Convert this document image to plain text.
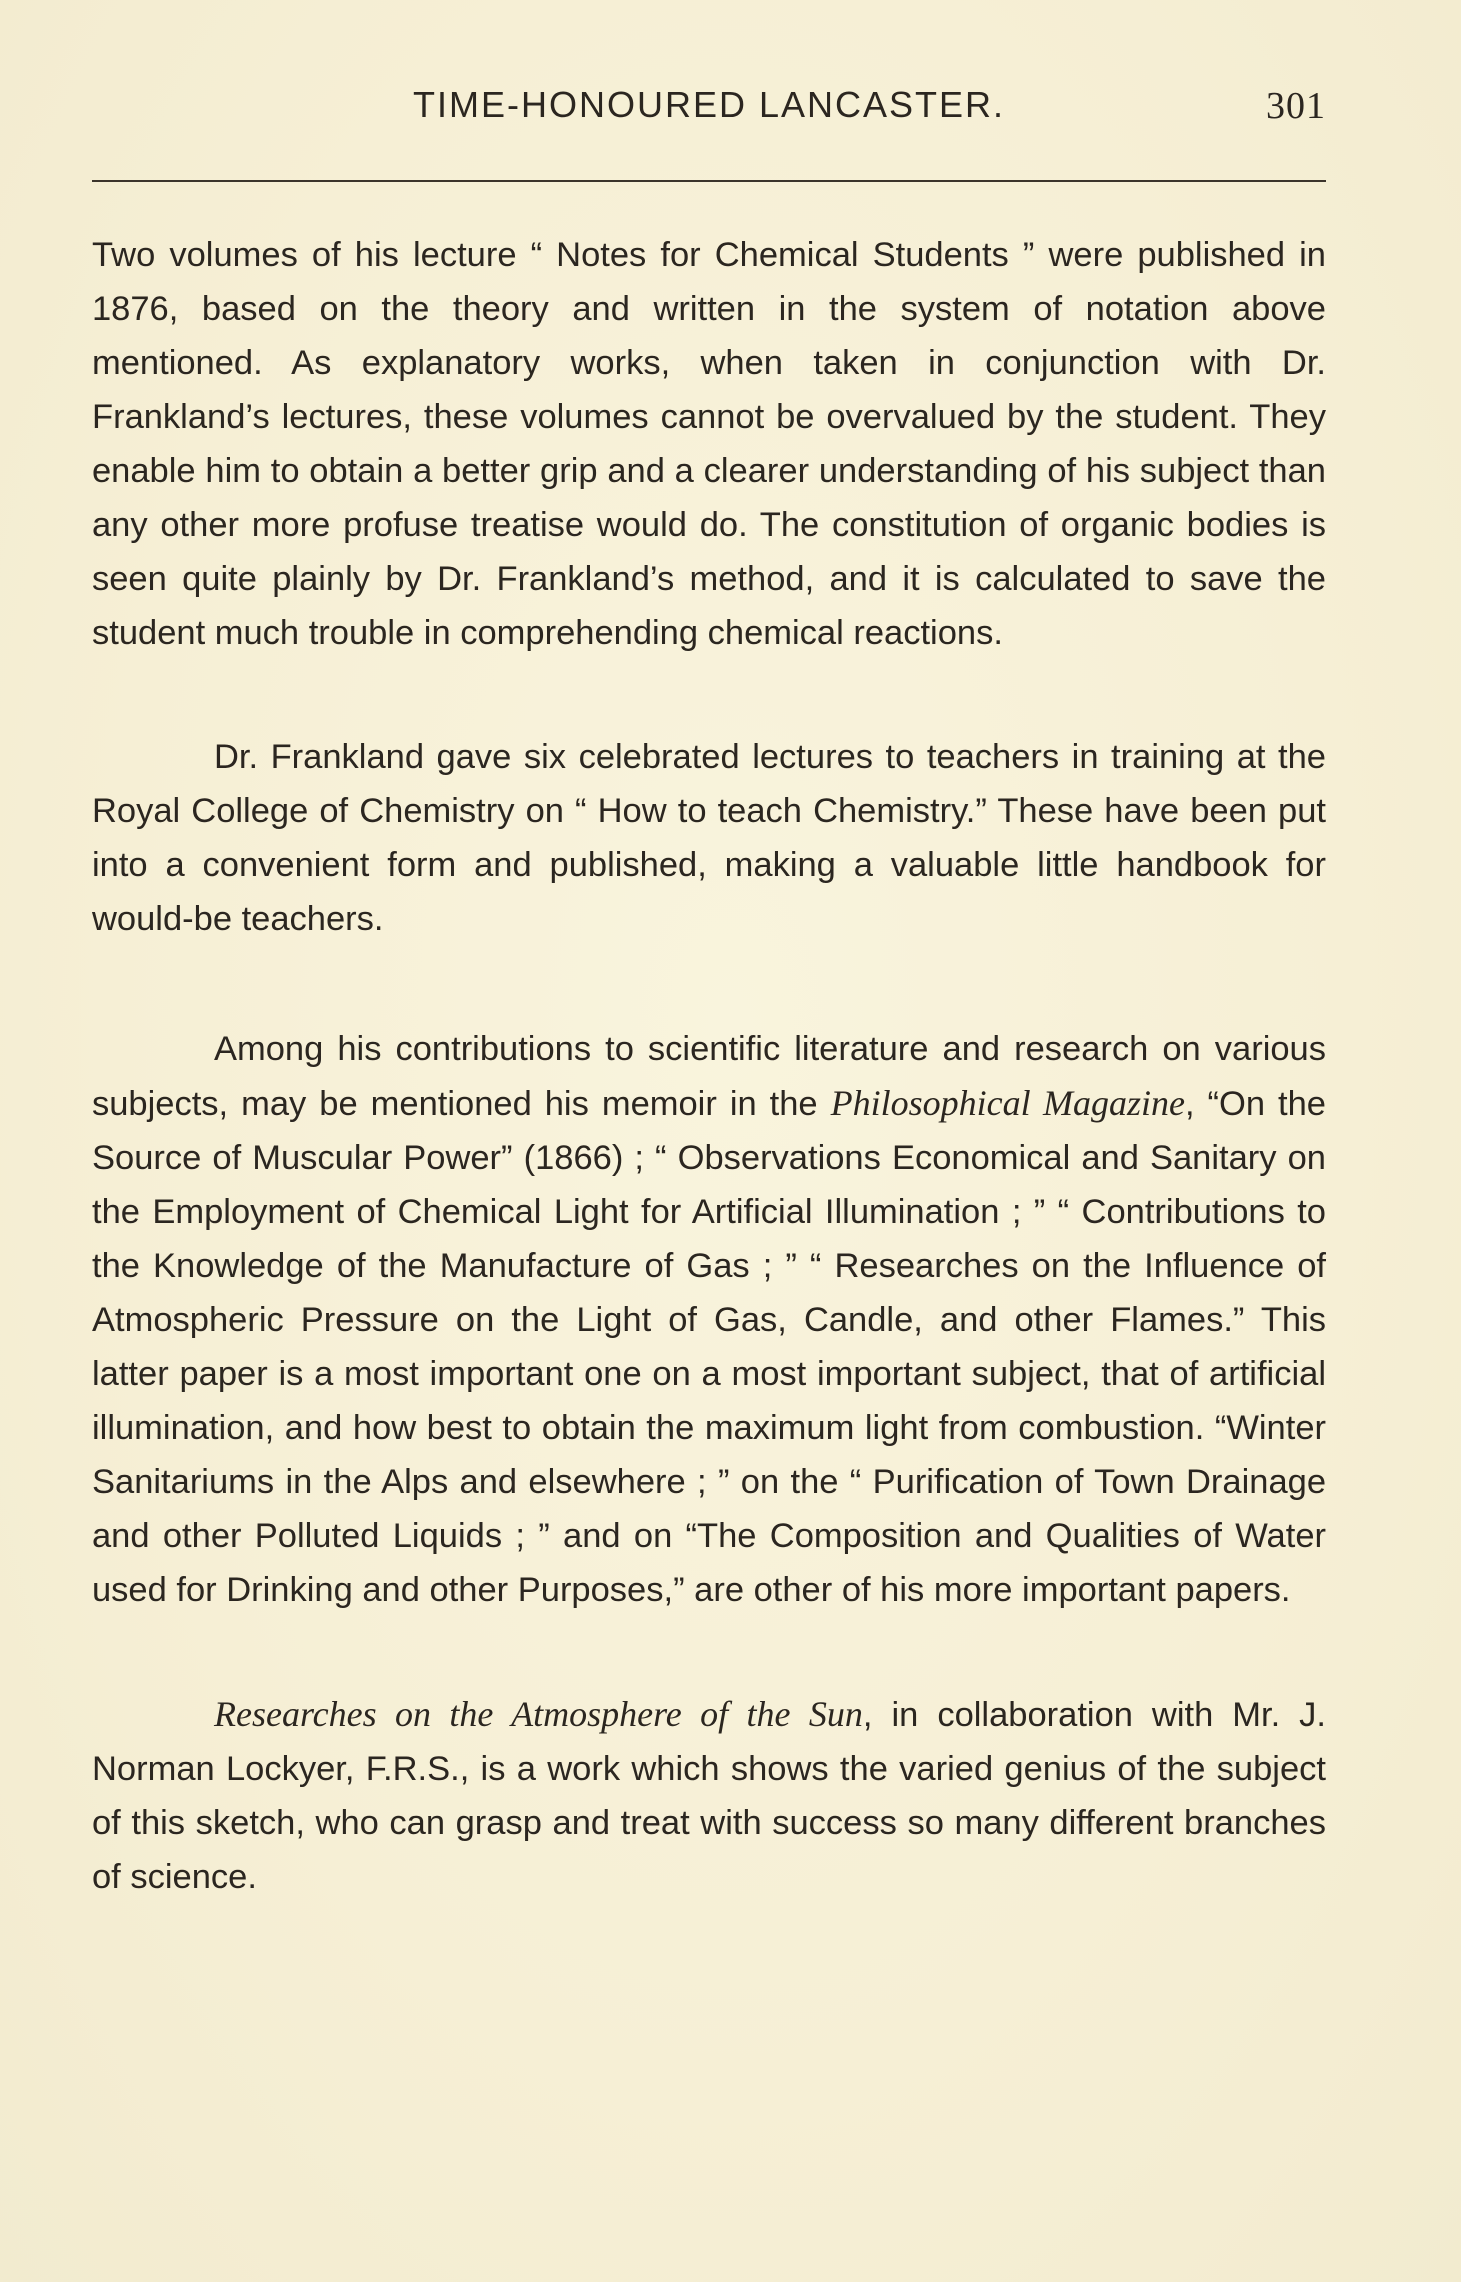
TIME-HONOURED LANCASTER.	301

Two volumes of his lecture “ Notes for Chemical Students ” were published in 1876, based on the theory and written in the system of notation above mentioned. As explanatory works, when taken in conjunction with Dr. Frankland’s lectures, these volumes cannot be overvalued by the student. They enable him to obtain a better grip and a clearer understanding of his subject than any other more profuse treatise would do. The constitution of organic bodies is seen quite plainly by Dr. Frankland’s method, and it is calculated to save the student much trouble in comprehending chemical reactions.

Dr. Frankland gave six celebrated lectures to teachers in training at the Royal College of Chemistry on “ How to teach Chemistry.” These have been put into a convenient form and published, making a valuable little handbook for would-be teachers.

Among his contributions to scientific literature and research on various subjects, may be mentioned his memoir in the Philosophical Magazine, “On the Source of Muscular Power” (1866) ; “ Observations Economical and Sanitary on the Employment of Chemical Light for Artificial Illumination ; ” “ Contributions to the Knowledge of the Manufacture of Gas ; ” “ Researches on the Influence of Atmospheric Pressure on the Light of Gas, Candle, and other Flames.” This latter paper is a most important one on a most important subject, that of artificial illumination, and how best to obtain the maximum light from combustion. “Winter Sanitariums in the Alps and elsewhere ; ” on the “ Purification of Town Drainage and other Polluted Liquids ; ” and on “The Composition and Qualities of Water used for Drinking and other Purposes,” are other of his more important papers.

Researches on the Atmosphere of the Sun, in collaboration with Mr. J. Norman Lockyer, F.R.S., is a work which shows the varied genius of the subject of this sketch, who can grasp and treat with success so many different branches of science.
